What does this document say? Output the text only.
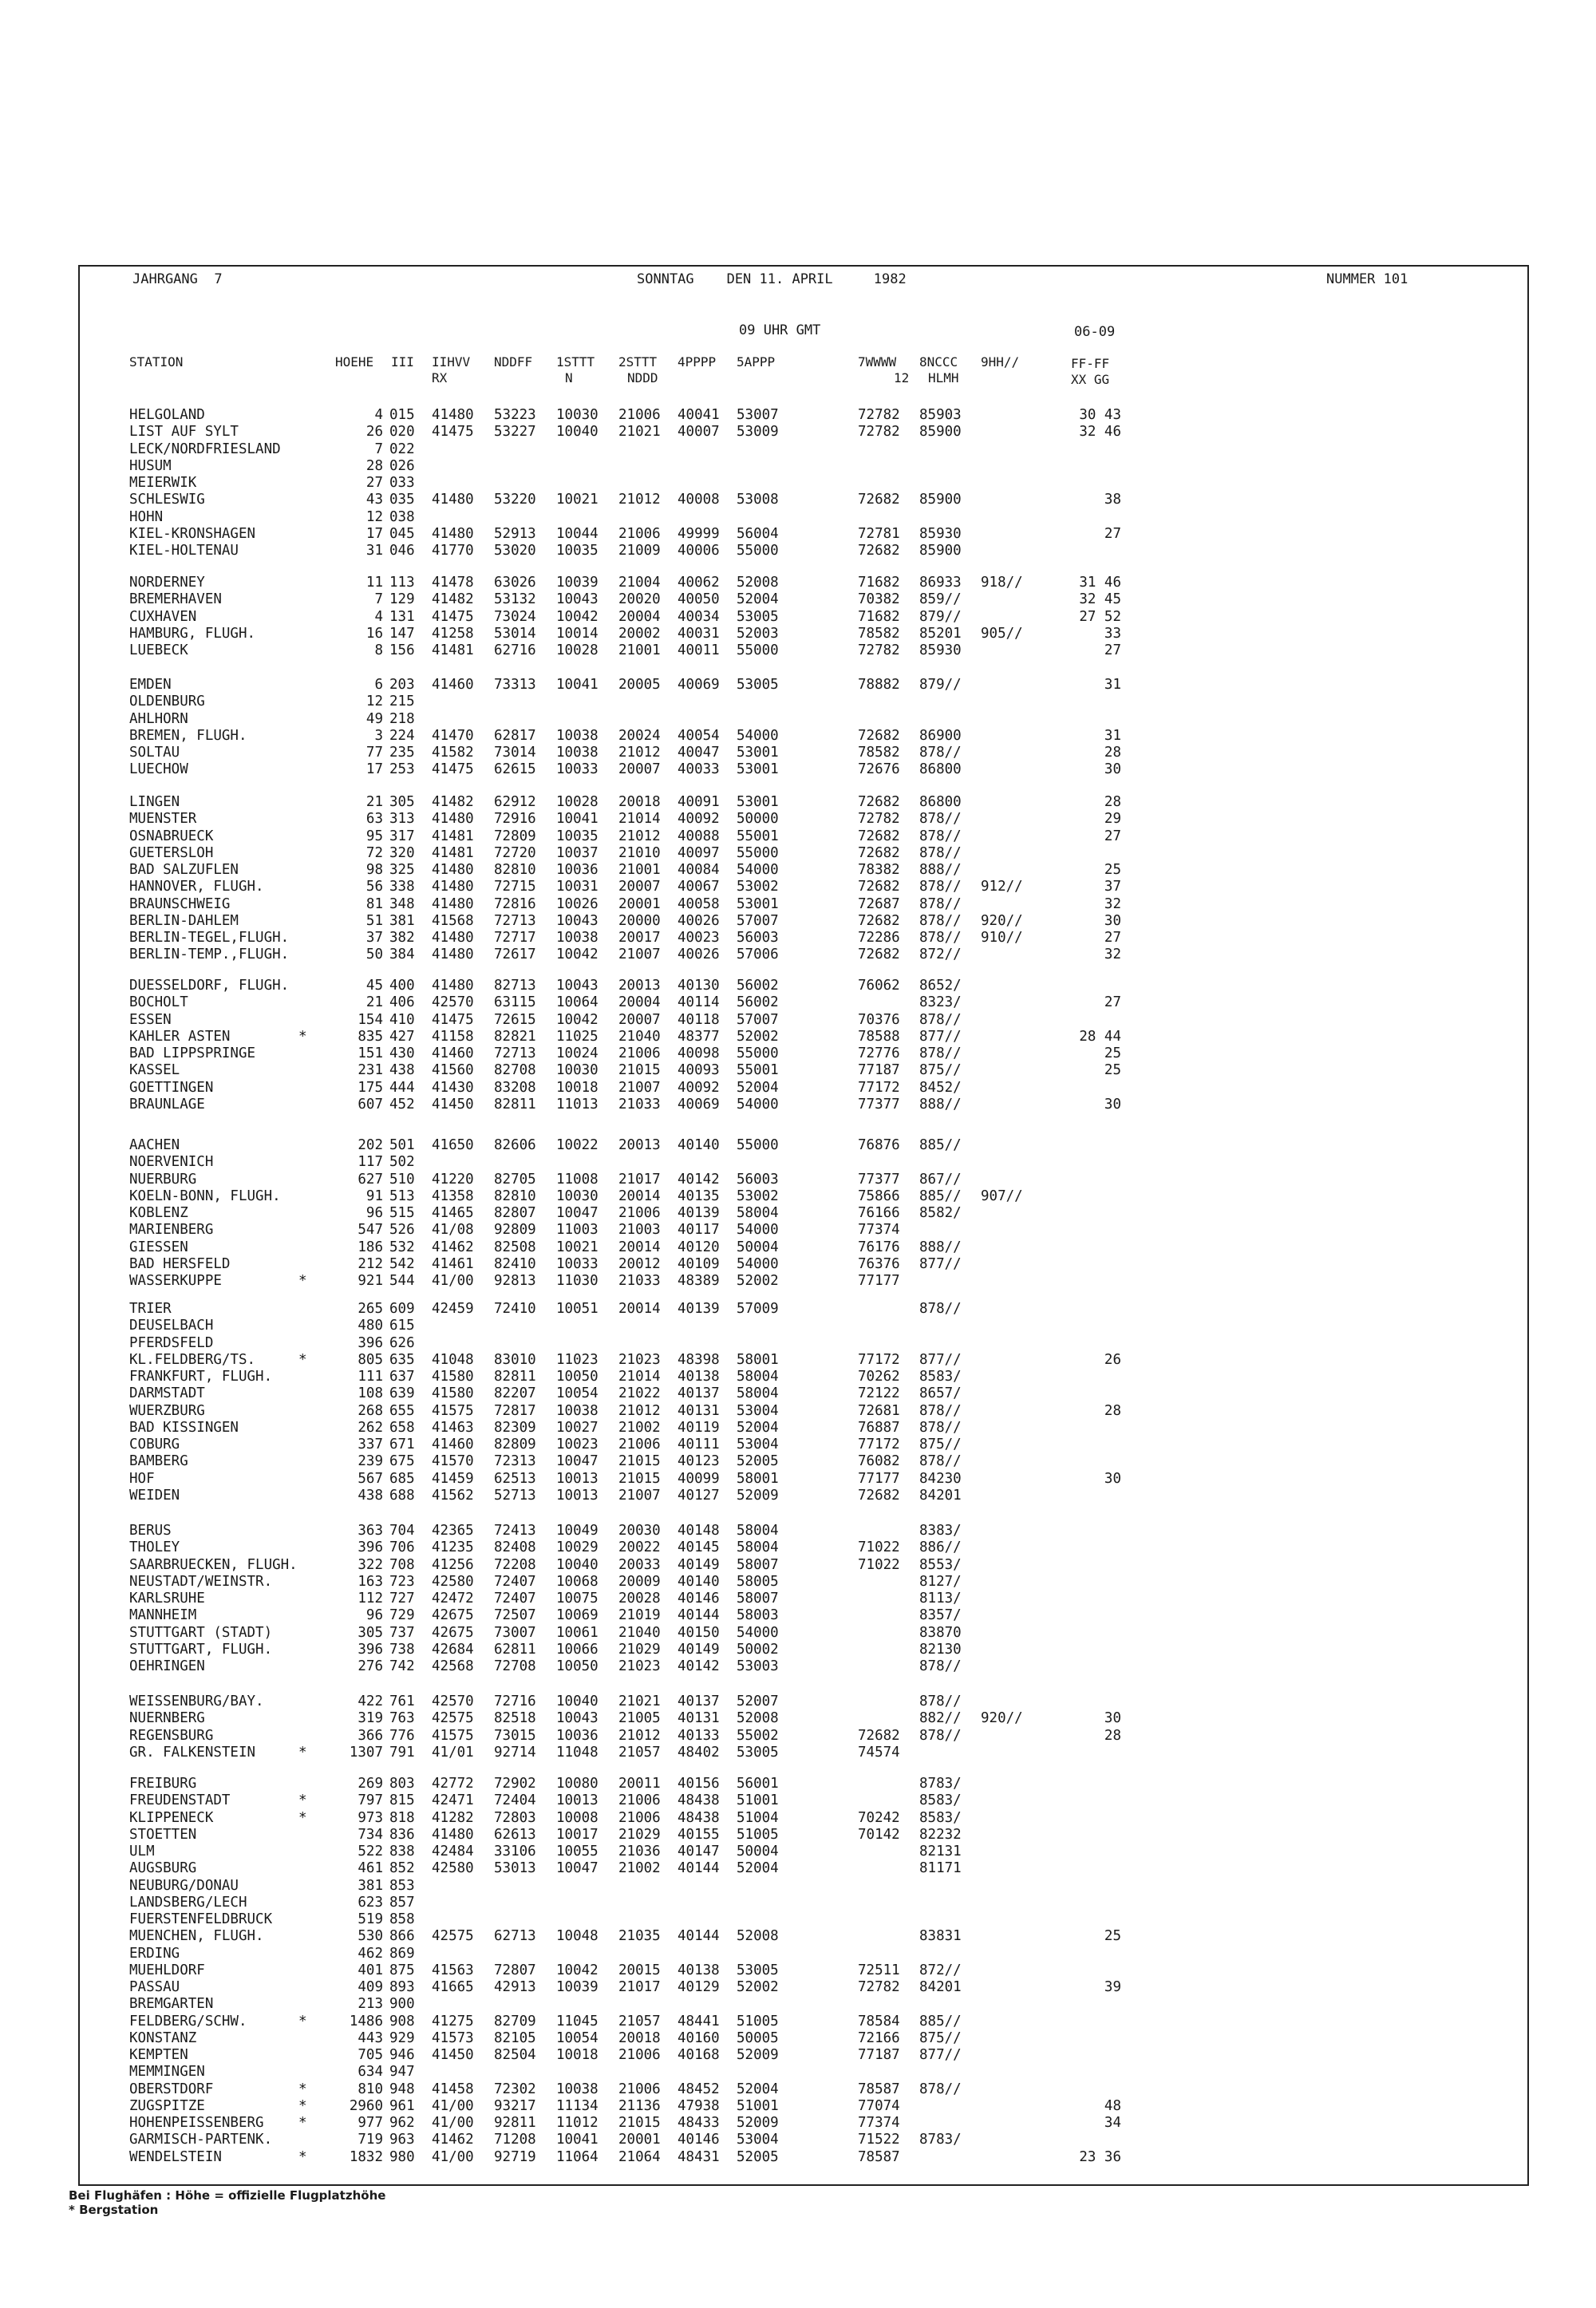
JAHRGANG  7	SONNTAG    DEN 11. APRIL     1982	NUMMER 101
09 UHR GMT	06-09
STATION	HOEHE III IIHVV NDDFF 1STTT 2STTT 4PPPP 5APPP	7WWWW 8NCCC 9HH//	FF-FF
RX	N	NDDD	12 HLMH	XX GG
HELGOLAND	4 015 41480 53223 10030 21006 40041 53007	72782 85903	30 43
LIST AUF SYLT	26 020 41475 53227 10040 21021 40007 53009	72782 85900	32 46
LECK/NORDFRIESLAND	7 022
HUSUM	28 026
MEIERWIK	27 033
SCHLESWIG	43 035 41480 53220 10021 21012 40008 53008	72682 85900	38
HOHN	12 038
KIEL-KRONSHAGEN	17 045 41480 52913 10044 21006 49999 56004	72781 85930	27
KIEL-HOLTENAU	31 046 41770 53020 10035 21009 40006 55000	72682 85900
NORDERNEY	11 113 41478 63026 10039 21004 40062 52008	71682 86933 918//	31 46
BREMERHAVEN	7 129 41482 53132 10043 20020 40050 52004	70382 859//	32 45
CUXHAVEN	4 131 41475 73024 10042 20004 40034 53005	71682 879//	27 52
HAMBURG, FLUGH.	16 147 41258 53014 10014 20002 40031 52003	78582 85201 905//	33
LUEBECK	8 156 41481 62716 10028 21001 40011 55000	72782 85930	27
EMDEN	6 203 41460 73313 10041 20005 40069 53005	78882 879//	31
OLDENBURG	12 215
AHLHORN	49 218
BREMEN, FLUGH.	3 224 41470 62817 10038 20024 40054 54000	72682 86900	31
SOLTAU	77 235 41582 73014 10038 21012 40047 53001	78582 878//	28
LUECHOW	17 253 41475 62615 10033 20007 40033 53001	72676 86800	30
LINGEN	21 305 41482 62912 10028 20018 40091 53001	72682 86800	28
MUENSTER	63 313 41480 72916 10041 21014 40092 50000	72782 878//	29
OSNABRUECK	95 317 41481 72809 10035 21012 40088 55001	72682 878//	27
GUETERSLOH	72 320 41481 72720 10037 21010 40097 55000	72682 878//
BAD SALZUFLEN	98 325 41480 82810 10036 21001 40084 54000	78382 888//	25
HANNOVER, FLUGH.	56 338 41480 72715 10031 20007 40067 53002	72682 878// 912//	37
BRAUNSCHWEIG	81 348 41480 72816 10026 20001 40058 53001	72687 878//	32
BERLIN-DAHLEM	51 381 41568 72713 10043 20000 40026 57007	72682 878// 920//	30
BERLIN-TEGEL,FLUGH.	37 382 41480 72717 10038 20017 40023 56003	72286 878// 910//	27
BERLIN-TEMP.,FLUGH.	50 384 41480 72617 10042 21007 40026 57006	72682 872//	32
DUESSELDORF, FLUGH.	45 400 41480 82713 10043 20013 40130 56002	76062 8652/
BOCHOLT	21 406 42570 63115 10064 20004 40114 56002	8323/	27
ESSEN	154 410 41475 72615 10042 20007 40118 57007	70376 878//
KAHLER ASTEN	*	835 427 41158 82821 11025 21040 48377 52002	78588 877//	28 44
BAD LIPPSPRINGE	151 430 41460 72713 10024 21006 40098 55000	72776 878//	25
KASSEL	231 438 41560 82708 10030 21015 40093 55001	77187 875//	25
GOETTINGEN	175 444 41430 83208 10018 21007 40092 52004	77172 8452/
BRAUNLAGE	607 452 41450 82811 11013 21033 40069 54000	77377 888//	30
AACHEN	202 501 41650 82606 10022 20013 40140 55000	76876 885//
NOERVENICH	117 502
NUERBURG	627 510 41220 82705 11008 21017 40142 56003	77377 867//
KOELN-BONN, FLUGH.	91 513 41358 82810 10030 20014 40135 53002	75866 885// 907//
KOBLENZ	96 515 41465 82807 10047 21006 40139 58004	76166 8582/
MARIENBERG	547 526 41/08 92809 11003 21003 40117 54000	77374
GIESSEN	186 532 41462 82508 10021 20014 40120 50004	76176 888//
BAD HERSFELD	212 542 41461 82410 10033 20012 40109 54000	76376 877//
WASSERKUPPE	*	921 544 41/00 92813 11030 21033 48389 52002	77177
TRIER	265 609 42459 72410 10051 20014 40139 57009	878//
DEUSELBACH	480 615
PFERDSFELD	396 626
KL.FELDBERG/TS.	*	805 635 41048 83010 11023 21023 48398 58001	77172 877//	26
FRANKFURT, FLUGH.	111 637 41580 82811 10050 21014 40138 58004	70262 8583/
DARMSTADT	108 639 41580 82207 10054 21022 40137 58004	72122 8657/
WUERZBURG	268 655 41575 72817 10038 21012 40131 53004	72681 878//	28
BAD KISSINGEN	262 658 41463 82309 10027 21002 40119 52004	76887 878//
COBURG	337 671 41460 82809 10023 21006 40111 53004	77172 875//
BAMBERG	239 675 41570 72313 10047 21015 40123 52005	76082 878//
HOF	567 685 41459 62513 10013 21015 40099 58001	77177 84230	30
WEIDEN	438 688 41562 52713 10013 21007 40127 52009	72682 84201
BERUS	363 704 42365 72413 10049 20030 40148 58004	8383/
THOLEY	396 706 41235 82408 10029 20022 40145 58004	71022 886//
SAARBRUECKEN, FLUGH.	322 708 41256 72208 10040 20033 40149 58007	71022 8553/
NEUSTADT/WEINSTR.	163 723 42580 72407 10068 20009 40140 58005	8127/
KARLSRUHE	112 727 42472 72407 10075 20028 40146 58007	8113/
MANNHEIM	96 729 42675 72507 10069 21019 40144 58003	8357/
STUTTGART (STADT)	305 737 42675 73007 10061 21040 40150 54000	83870
STUTTGART, FLUGH.	396 738 42684 62811 10066 21029 40149 50002	82130
OEHRINGEN	276 742 42568 72708 10050 21023 40142 53003	878//
WEISSENBURG/BAY.	422 761 42570 72716 10040 21021 40137 52007	878//
NUERNBERG	319 763 42575 82518 10043 21005 40131 52008	882// 920//	30
REGENSBURG	366 776 41575 73015 10036 21012 40133 55002	72682 878//	28
GR. FALKENSTEIN	*	1307 791 41/01 92714 11048 21057 48402 53005	74574
FREIBURG	269 803 42772 72902 10080 20011 40156 56001	8783/
FREUDENSTADT	*	797 815 42471 72404 10013 21006 48438 51001	8583/
KLIPPENECK	*	973 818 41282 72803 10008 21006 48438 51004	70242 8583/
STOETTEN	734 836 41480 62613 10017 21029 40155 51005	70142 82232
ULM	522 838 42484 33106 10055 21036 40147 50004	82131
AUGSBURG	461 852 42580 53013 10047 21002 40144 52004	81171
NEUBURG/DONAU	381 853
LANDSBERG/LECH	623 857
FUERSTENFELDBRUCK	519 858
MUENCHEN, FLUGH.	530 866 42575 62713 10048 21035 40144 52008	83831	25
ERDING	462 869
MUEHLDORF	401 875 41563 72807 10042 20015 40138 53005	72511 872//
PASSAU	409 893 41665 42913 10039 21017 40129 52002	72782 84201	39
BREMGARTEN	213 900
FELDBERG/SCHW.	*	1486 908 41275 82709 11045 21057 48441 51005	78584 885//
KONSTANZ	443 929 41573 82105 10054 20018 40160 50005	72166 875//
KEMPTEN	705 946 41450 82504 10018 21006 40168 52009	77187 877//
MEMMINGEN	634 947
OBERSTDORF	*	810 948 41458 72302 10038 21006 48452 52004	78587 878//
ZUGSPITZE	*	2960 961 41/00 93217 11134 21136 47938 51001	77074	48
HOHENPEISSENBERG *	977 962 41/00 92811 11012 21015 48433 52009	77374	34
GARMISCH-PARTENK.	719 963 41462 71208 10041 20001 40146 53004	71522 8783/
WENDELSTEIN	*	1832 980 41/00 92719 11064 21064 48431 52005	78587	23 36
Bei Flughäfen : Höhe = offizielle Flugplatzhöhe
* Bergstation
